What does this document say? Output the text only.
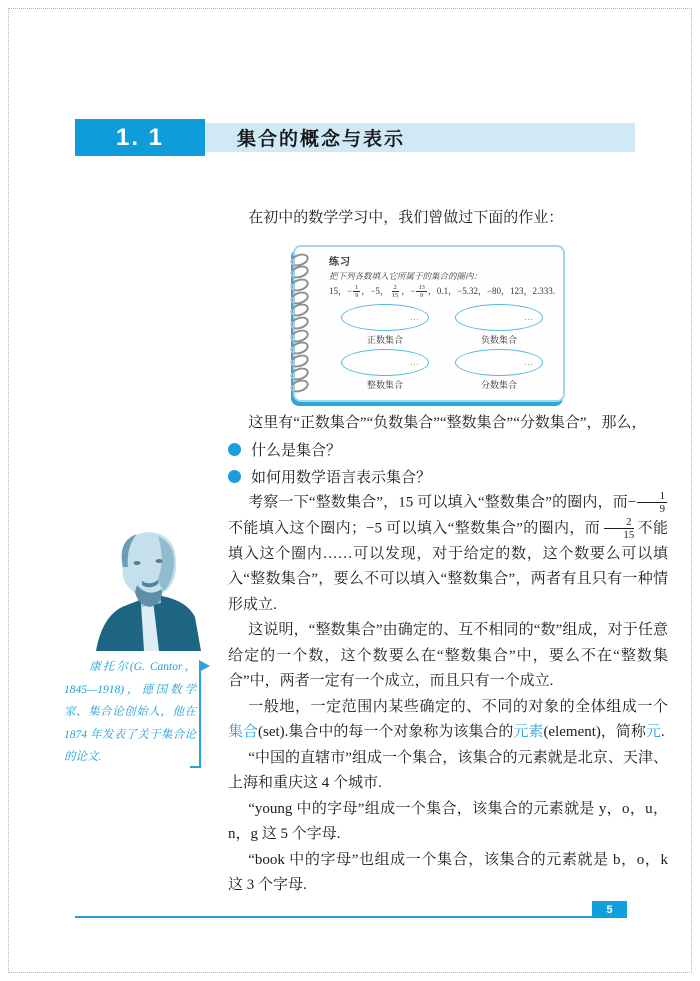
1. 1	集合的概念与表示

在初中的数学学习中，我们曾做过下面的作业：

练习
把下列各数填入它所属于的集合的圈内：
15，− $\frac{1}{9}$ ，−5， $\frac{2}{15}$ ，− $\frac{13}{9}$ ，0.1，−5.32，−80，123，2.333.
…
正数集合
…
负数集合
…
整数集合
…
分数集合

这里有“正数集合”“负数集合”“整数集合”“分数集合”，那么，

什么是集合？
如何用数学语言表示集合？

考察一下“整数集合”，15 可以填入“整数集合”的圈内，而− $\frac{1}{9}$
不能填入这个圈内；−5 可以填入“整数集合”的圈内，而 $\frac{2}{15}$ 不能填入这个圈内……可以发现，对于给定的数，这个数要么可以填入“整数集合”，要么不可以填入“整数集合”，两者有且只有一种情形成立.

这说明，“整数集合”由确定的、互不相同的“数”组成，对于任意给定的一个数，这个数要么在“整数集合”中，要么不在“整数集合”中，两者一定有一个成立，而且只有一个成立.

一般地，一定范围内某些确定的、不同的对象的全体组成一个集合(set).集合中的每一个对象称为该集合的元素(element)，简称元.

“中国的直辖市”组成一个集合，该集合的元素就是北京、天津、上海和重庆这 4 个城市.

“young 中的字母”组成一个集合，该集合的元素就是 y，o，u，n，g 这 5 个字母.

“book 中的字母”也组成一个集合，该集合的元素就是 b，o，k 这 3 个字母.

康托尔(G. Cantor，1845—1918)，德国数学家、集合论创始人，他在 1874 年发表了关于集合论的论文.

5
